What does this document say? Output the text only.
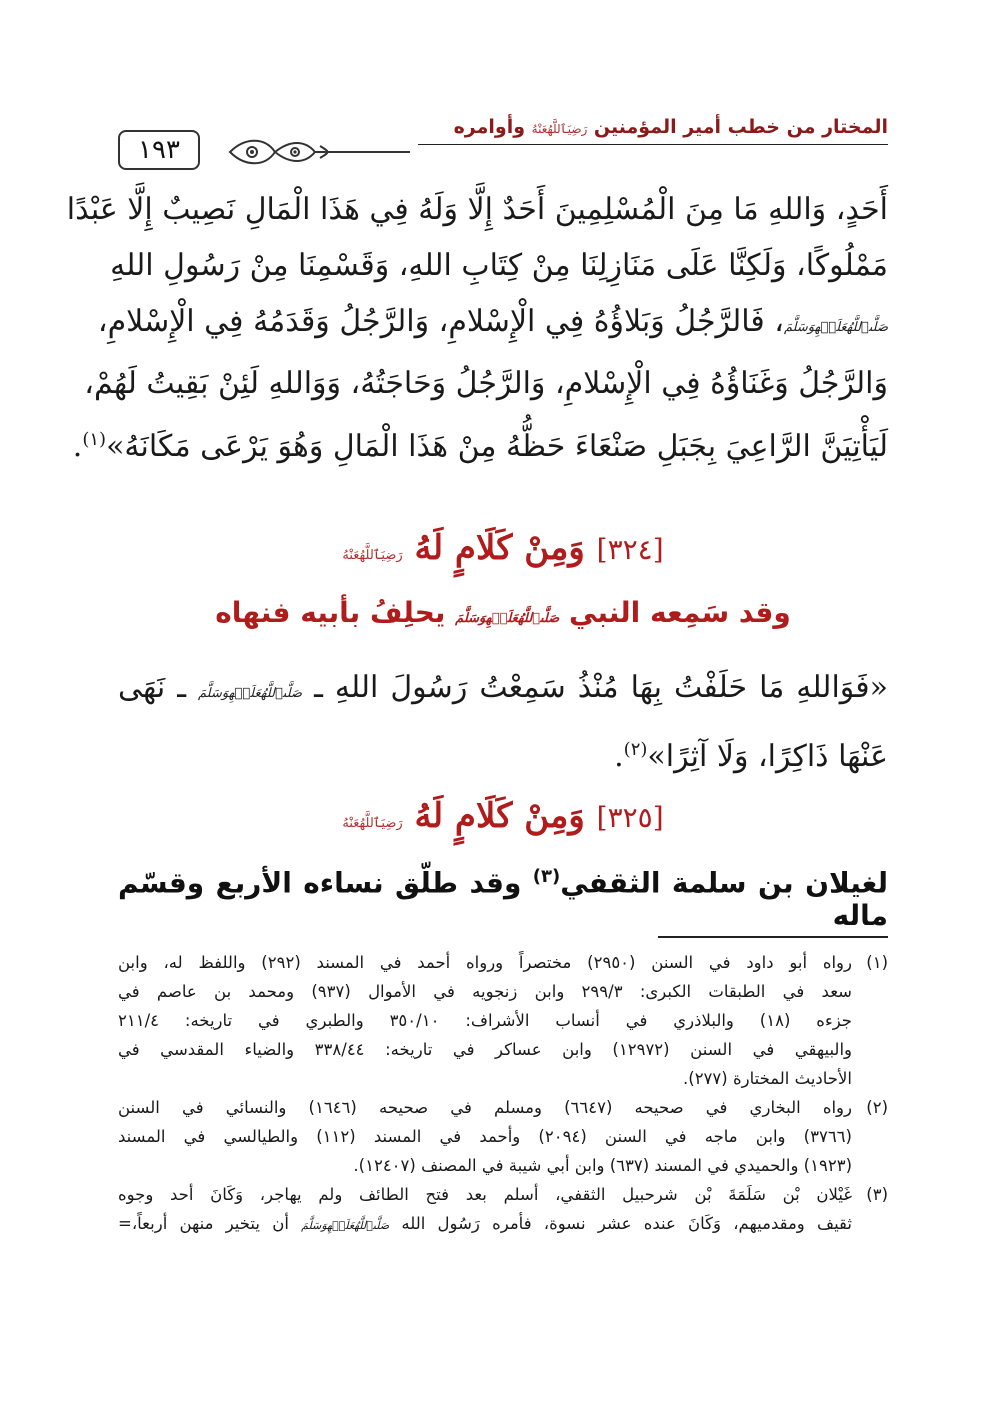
١٩٣
المختار من خطب أمير المؤمنين رَضِيَٱللَّهُعَنْهُ وأوامره
أَحَدٍ، وَاللهِ مَا مِنَ الْمُسْلِمِينَ أَحَدٌ إِلَّا وَلَهُ فِي هَذَا الْمَالِ نَصِيبٌ إِلَّا عَبْدًا
مَمْلُوكًا، وَلَكِنَّا عَلَى مَنَازِلِنَا مِنْ كِتَابِ اللهِ، وَقَسْمِنَا مِنْ رَسُولِ اللهِ
صَلَّىٱللَّهُعَلَيۡهِوَسَلَّمَ، فَالرَّجُلُ وَبَلاؤُهُ فِي الْإِسْلامِ، وَالرَّجُلُ وَقَدَمُهُ فِي الْإِسْلامِ،
وَالرَّجُلُ وَغَنَاؤُهُ فِي الْإِسْلامِ، وَالرَّجُلُ وَحَاجَتُهُ، وَوَاللهِ لَئِنْ بَقِيتُ لَهُمْ،
لَيَأْتِيَنَّ الرَّاعِيَ بِجَبَلِ صَنْعَاءَ حَظُّهُ مِنْ هَذَا الْمَالِ وَهُوَ يَرْعَى مَكَانَهُ»$^{(١)}$.
[٣٢٤] وَمِنْ كَلَامٍ لَهُ رَضِيَٱللَّهُعَنْهُ
وقد سَمِعه النبي صَلَّىٱللَّهُعَلَيۡهِوَسَلَّمَ يحلِفُ بأبيه فنهاه
«فَوَاللهِ مَا حَلَفْتُ بِهَا مُنْذُ سَمِعْتُ رَسُولَ اللهِ ـ صَلَّىٱللَّهُعَلَيۡهِوَسَلَّمَ ـ نَهَى
عَنْهَا ذَاكِرًا، وَلَا آثِرًا»$^{(٢)}$.
[٣٢٥] وَمِنْ كَلَامٍ لَهُ رَضِيَٱللَّهُعَنْهُ
لغيلان بن سلمة الثقفي$^{(٣)}$ وقد طلّق نساءه الأربع وقسّم ماله
(١)
رواه أبو داود في السنن (٢٩٥٠) مختصراً ورواه أحمد في المسند (٢٩٢) واللفظ له، وابن
سعد في الطبقات الكبرى: ٢٩٩/٣ وابن زنجويه في الأموال (٩٣٧) ومحمد بن عاصم في
جزءه (١٨) والبلاذري في أنساب الأشراف: ٣٥٠/١٠ والطبري في تاريخه: ٢١١/٤
والبيهقي في السنن (١٢٩٧٢) وابن عساكر في تاريخه: ٣٣٨/٤٤ والضياء المقدسي في
الأحاديث المختارة (٢٧٧).
(٢)
رواه البخاري في صحيحه (٦٦٤٧) ومسلم في صحيحه (١٦٤٦) والنسائي في السنن
(٣٧٦٦) وابن ماجه في السنن (٢٠٩٤) وأحمد في المسند (١١٢) والطيالسي في المسند
(١٩٢٣) والحميدي في المسند (٦٣٧) وابن أبي شيبة في المصنف (١٢٤٠٧).
(٣)
غَيْلان بْن سَلَمَةَ بْن شرحبيل الثقفي، أسلم بعد فتح الطائف ولم يهاجر، وَكَانَ أحد وجوه
ثقيف ومقدميهم، وَكَانَ عنده عشر نسوة، فأمره رَسُول الله صَلَّىٱللَّهُعَلَيۡهِوَسَلَّمَ أن يتخير منهن أربعاً،=
